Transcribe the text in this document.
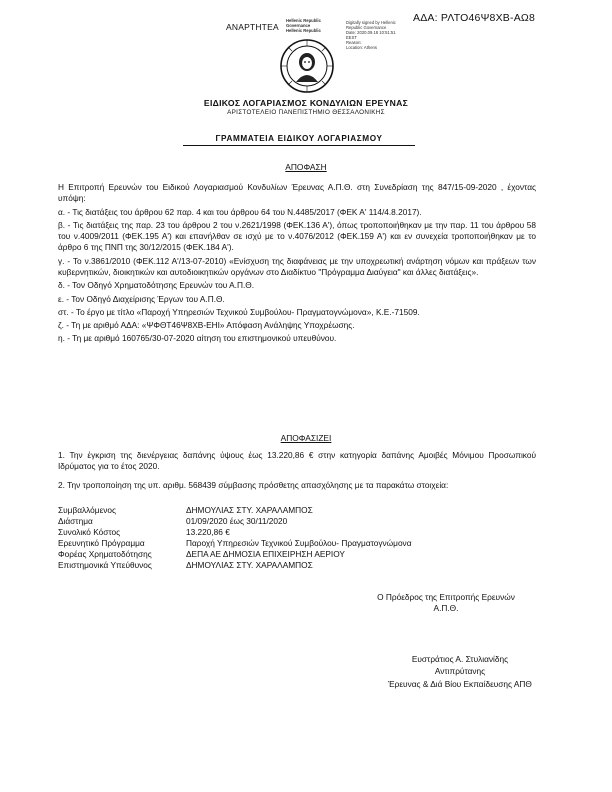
ΑΔΑ: ΡΛΤΟ46Ψ8ΧΒ-ΑΩ8
ΑΝΑΡΤΗΤΕΑ
Hellenic Republic
Governance
Hellenic Republic
Digitally signed by Hellenic
Republic Governance
Date: 2020.09.18 10:51:51
EEST
Reason:
Location: Athens
ΕΙΔΙΚΟΣ ΛΟΓΑΡΙΑΣΜΟΣ ΚΟΝΔΥΛΙΩΝ ΕΡΕΥΝΑΣ
ΑΡΙΣΤΟΤΕΛΕΙΟ ΠΑΝΕΠΙΣΤΗΜΙΟ ΘΕΣΣΑΛΟΝΙΚΗΣ
ΓΡΑΜΜΑΤΕΙΑ ΕΙΔΙΚΟΥ ΛΟΓΑΡΙΑΣΜΟΥ
ΑΠΟΦΑΣΗ
Η Επιτροπή Ερευνών του Ειδικού Λογαριασμού Κονδυλίων Έρευνας Α.Π.Θ. στη Συνεδρίαση της 847/15-09-2020 , έχοντας υπόψη:
α. - Τις διατάξεις του άρθρου 62 παρ. 4 και του άρθρου 64 του Ν.4485/2017 (ΦΕΚ Α' 114/4.8.2017).
β. - Τις διατάξεις της παρ. 23 του άρθρου 2 του ν.2621/1998 (ΦΕΚ.136 Α'), όπως τροποποιήθηκαν με την παρ. 11 του άρθρου 58 του ν.4009/2011 (ΦΕΚ.195 Α') και επανήλθαν σε ισχύ με το ν.4076/2012 (ΦΕΚ.159 Α') και εν συνεχεία τροποποιήθηκαν με το άρθρο 6 της ΠΝΠ της 30/12/2015 (ΦΕΚ.184 Α').
γ. - Το ν.3861/2010 (ΦΕΚ.112 Α'/13-07-2010) «Ενίσχυση της διαφάνειας με την υποχρεωτική ανάρτηση νόμων και πράξεων των κυβερνητικών, διοικητικών και αυτοδιοικητικών οργάνων στο Διαδίκτυο "Πρόγραμμα Διαύγεια" και άλλες διατάξεις».
δ. - Τον Οδηγό Χρηματοδότησης Ερευνών του Α.Π.Θ.
ε. - Τον Οδηγό Διαχείρισης Έργων του Α.Π.Θ.
στ. - Το έργο με τίτλο «Παροχή Υπηρεσιών Τεχνικού Συμβούλου- Πραγματογνώμονα», Κ.Ε.-71509.
ζ. - Τη με αριθμό ΑΔΑ: «ΨΦΘΤ46Ψ8ΧΒ-ΕΗΙ» Απόφαση Ανάληψης Υποχρέωσης.
η. - Τη με αριθμό 160765/30-07-2020 αίτηση του επιστημονικού υπευθύνου.
ΑΠΟΦΑΣΙΖΕΙ
1. Την έγκριση της διενέργειας δαπάνης ύψους έως 13.220,86 € στην κατηγορία δαπάνης Αμοιβές Μόνιμου Προσωπικού Ιδρύματος για το έτος 2020.
2. Την τροποποίηση της υπ. αριθμ. 568439 σύμβασης πρόσθετης απασχόλησης με τα παρακάτω στοιχεία:
Συμβαλλόμενος	ΔΗΜΟΥΛΙΑΣ ΣΤΥ. ΧΑΡΑΛΑΜΠΟΣ
Διάστημα	01/09/2020 έως 30/11/2020
Συνολικό Κόστος	13.220,86 €
Ερευνητικό Πρόγραμμα	Παροχή Υπηρεσιών Τεχνικού Συμβούλου- Πραγματογνώμονα
Φορέας Χρηματοδότησης	ΔΕΠΑ ΑΕ ΔΗΜΟΣΙΑ ΕΠΙΧΕΙΡΗΣΗ ΑΕΡΙΟΥ
Επιστημονικά Υπεύθυνος	ΔΗΜΟΥΛΙΑΣ ΣΤΥ. ΧΑΡΑΛΑΜΠΟΣ
Ο Πρόεδρος της Επιτροπής Ερευνών
Α.Π.Θ.
Ευστράτιος Α. Στυλιανίδης
Αντιπρύτανης
Έρευνας & Διά Βίου Εκπαίδευσης ΑΠΘ
